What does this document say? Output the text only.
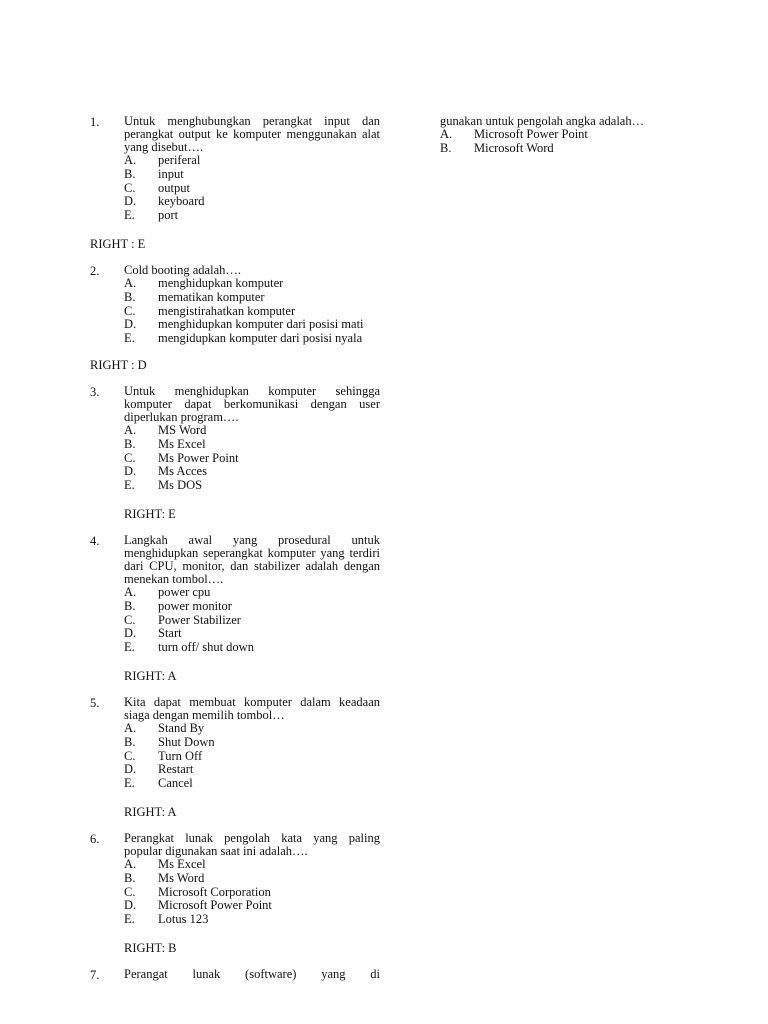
1.	Untuk menghubungkan perangkat input dan perangkat output ke komputer menggunakan alat yang disebut….
A.	periferal
B.	input
C.	output
D.	keyboard
E.	port
RIGHT : E
2.	Cold booting adalah….
A.	menghidupkan komputer
B.	mematikan komputer
C.	mengistirahatkan komputer
D.	menghidupkan komputer dari posisi mati
E.	mengidupkan komputer dari posisi nyala
RIGHT : D
3.	Untuk menghidupkan komputer sehingga komputer dapat berkomunikasi dengan user diperlukan program….
A.	MS Word
B.	Ms Excel
C.	Ms Power Point
D.	Ms Acces
E.	Ms DOS
RIGHT: E
4.	Langkah awal yang prosedural untuk menghidupkan seperangkat komputer yang terdiri dari CPU, monitor, dan stabilizer adalah dengan menekan tombol….
A.	power cpu
B.	power monitor
C.	Power Stabilizer
D.	Start
E.	turn off/ shut down
RIGHT: A
5.	Kita dapat membuat komputer dalam keadaan siaga dengan memilih tombol…
A.	Stand By
B.	Shut Down
C.	Turn Off
D.	Restart
E.	Cancel
RIGHT: A
6.	Perangkat lunak pengolah kata yang paling popular digunakan saat ini adalah….
A.	Ms Excel
B.	Ms Word
C.	Microsoft Corporation
D.	Microsoft Power Point
E.	Lotus 123
RIGHT: B
7.	Perangat lunak (software) yang di
gunakan untuk pengolah angka adalah…
A.	Microsoft Power Point
B.	Microsoft Word
